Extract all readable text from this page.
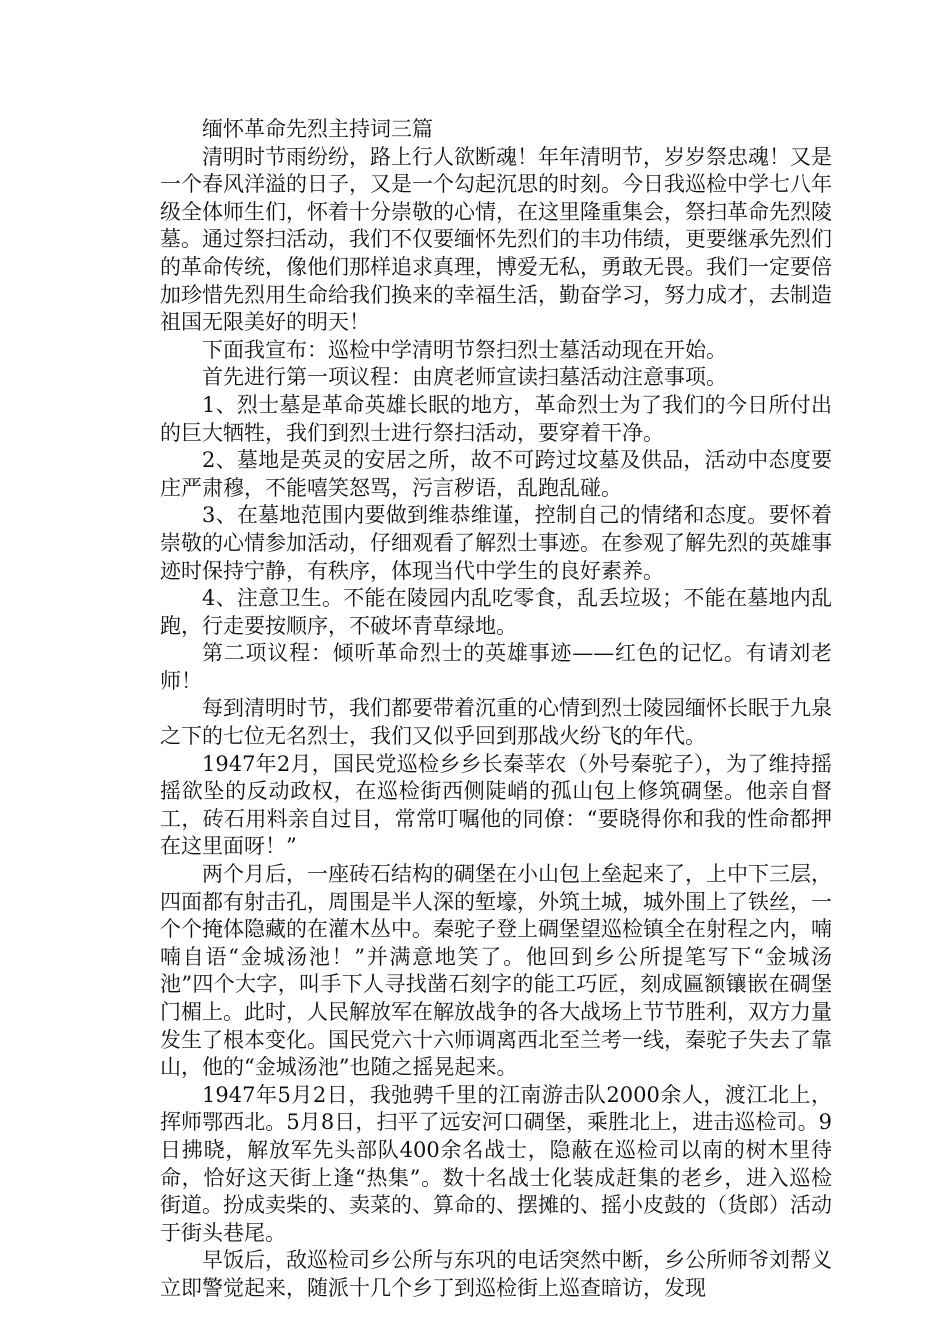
缅怀革命先烈主持词三篇

清明时节雨纷纷，路上行人欲断魂！年年清明节，岁岁祭忠魂！又是一个春风洋溢的日子，又是一个勾起沉思的时刻。今日我巡检中学七八年级全体师生们，怀着十分崇敬的心情，在这里隆重集会，祭扫革命先烈陵墓。通过祭扫活动，我们不仅要缅怀先烈们的丰功伟绩，更要继承先烈们的革命传统，像他们那样追求真理，博爱无私，勇敢无畏。我们一定要倍加珍惜先烈用生命给我们换来的幸福生活，勤奋学习，努力成才，去制造祖国无限美好的明天！

下面我宣布：巡检中学清明节祭扫烈士墓活动现在开始。

首先进行第一项议程：由庹老师宣读扫墓活动注意事项。

1、烈士墓是革命英雄长眠的地方，革命烈士为了我们的今日所付出的巨大牺牲，我们到烈士进行祭扫活动，要穿着干净。

2、墓地是英灵的安居之所，故不可跨过坟墓及供品，活动中态度要庄严肃穆，不能嘻笑怒骂，污言秽语，乱跑乱碰。

3、在墓地范围内要做到维恭维谨，控制自己的情绪和态度。要怀着崇敬的心情参加活动，仔细观看了解烈士事迹。在参观了解先烈的英雄事迹时保持宁静，有秩序，体现当代中学生的良好素养。

4、注意卫生。不能在陵园内乱吃零食，乱丢垃圾；不能在墓地内乱跑，行走要按顺序，不破坏青草绿地。

第二项议程：倾听革命烈士的英雄事迹——红色的记忆。有请刘老师！

每到清明时节，我们都要带着沉重的心情到烈士陵园缅怀长眠于九泉之下的七位无名烈士，我们又似乎回到那战火纷飞的年代。

1947年2月，国民党巡检乡乡长秦莘农（外号秦驼子），为了维持摇摇欲坠的反动政权，在巡检街西侧陡峭的孤山包上修筑碉堡。他亲自督工，砖石用料亲自过目，常常叮嘱他的同僚：“要晓得你和我的性命都押在这里面呀！”

两个月后，一座砖石结构的碉堡在小山包上垒起来了，上中下三层，四面都有射击孔，周围是半人深的堑壕，外筑土城，城外围上了铁丝，一个个掩体隐藏的在灌木丛中。秦驼子登上碉堡望巡检镇全在射程之内，喃喃自语“金城汤池！”并满意地笑了。他回到乡公所提笔写下“金城汤池”四个大字，叫手下人寻找凿石刻字的能工巧匠，刻成匾额镶嵌在碉堡门楣上。此时，人民解放军在解放战争的各大战场上节节胜利，双方力量发生了根本变化。国民党六十六师调离西北至兰考一线，秦驼子失去了靠山，他的“金城汤池”也随之摇晃起来。

1947年5月2日，我弛骋千里的江南游击队2000余人，渡江北上，挥师鄂西北。5月8日，扫平了远安河口碉堡，乘胜北上，进击巡检司。9日拂晓，解放军先头部队400余名战士，隐蔽在巡检司以南的树木里待命，恰好这天街上逢“热集”。数十名战士化装成赶集的老乡，进入巡检街道。扮成卖柴的、卖菜的、算命的、摆摊的、摇小皮鼓的（货郎）活动于街头巷尾。

早饭后，敌巡检司乡公所与东巩的电话突然中断，乡公所师爷刘帮义立即警觉起来，随派十几个乡丁到巡检街上巡查暗访，发现
